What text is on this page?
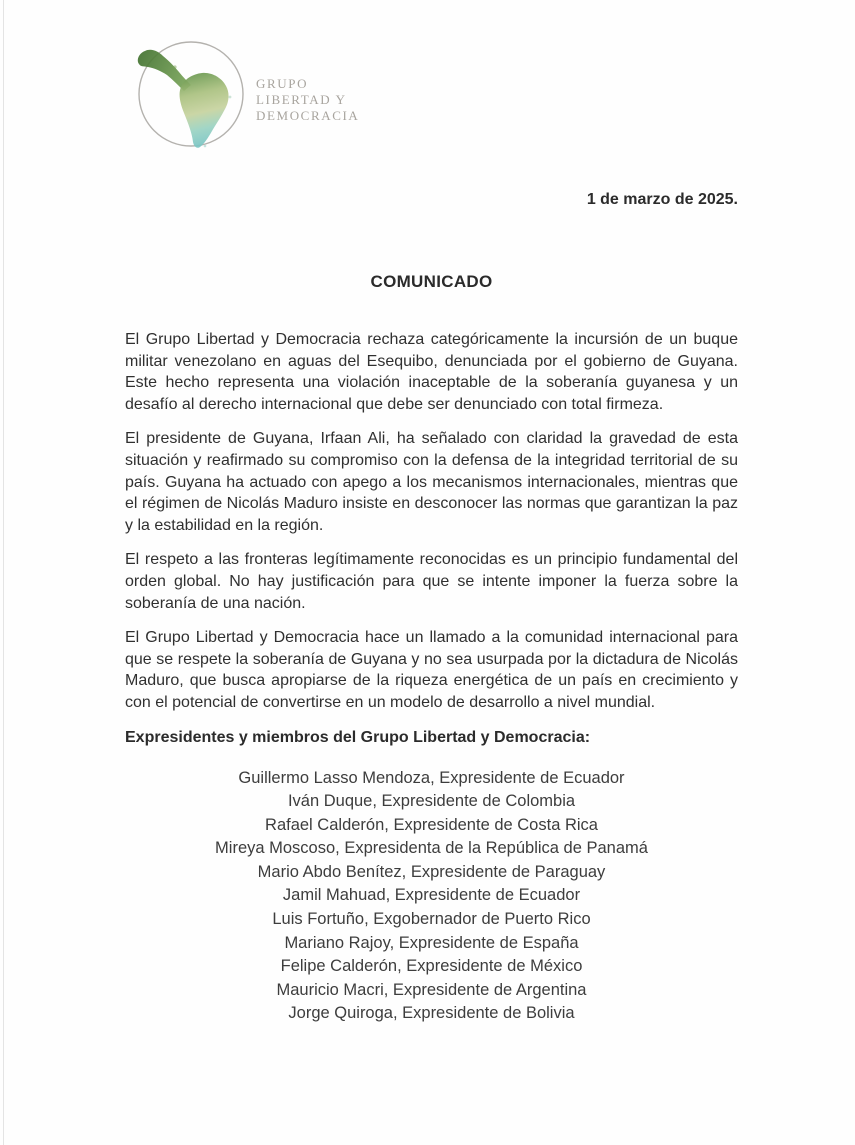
GRUPO
LIBERTAD Y
DEMOCRACIA

1 de marzo de 2025.

COMUNICADO

El Grupo Libertad y Democracia rechaza categóricamente la incursión de un buque militar venezolano en aguas del Esequibo, denunciada por el gobierno de Guyana. Este hecho representa una violación inaceptable de la soberanía guyanesa y un desafío al derecho internacional que debe ser denunciado con total firmeza.

El presidente de Guyana, Irfaan Ali, ha señalado con claridad la gravedad de esta situación y reafirmado su compromiso con la defensa de la integridad territorial de su país. Guyana ha actuado con apego a los mecanismos internacionales, mientras que el régimen de Nicolás Maduro insiste en desconocer las normas que garantizan la paz y la estabilidad en la región.

El respeto a las fronteras legítimamente reconocidas es un principio fundamental del orden global. No hay justificación para que se intente imponer la fuerza sobre la soberanía de una nación.

El Grupo Libertad y Democracia hace un llamado a la comunidad internacional para que se respete la soberanía de Guyana y no sea usurpada por la dictadura de Nicolás Maduro, que busca apropiarse de la riqueza energética de un país en crecimiento y con el potencial de convertirse en un modelo de desarrollo a nivel mundial.

Expresidentes y miembros del Grupo Libertad y Democracia:

Guillermo Lasso Mendoza, Expresidente de Ecuador
Iván Duque, Expresidente de Colombia
Rafael Calderón, Expresidente de Costa Rica
Mireya Moscoso, Expresidenta de la República de Panamá
Mario Abdo Benítez, Expresidente de Paraguay
Jamil Mahuad, Expresidente de Ecuador
Luis Fortuño, Exgobernador de Puerto Rico
Mariano Rajoy, Expresidente de España
Felipe Calderón, Expresidente de México
Mauricio Macri, Expresidente de Argentina
Jorge Quiroga, Expresidente de Bolivia
